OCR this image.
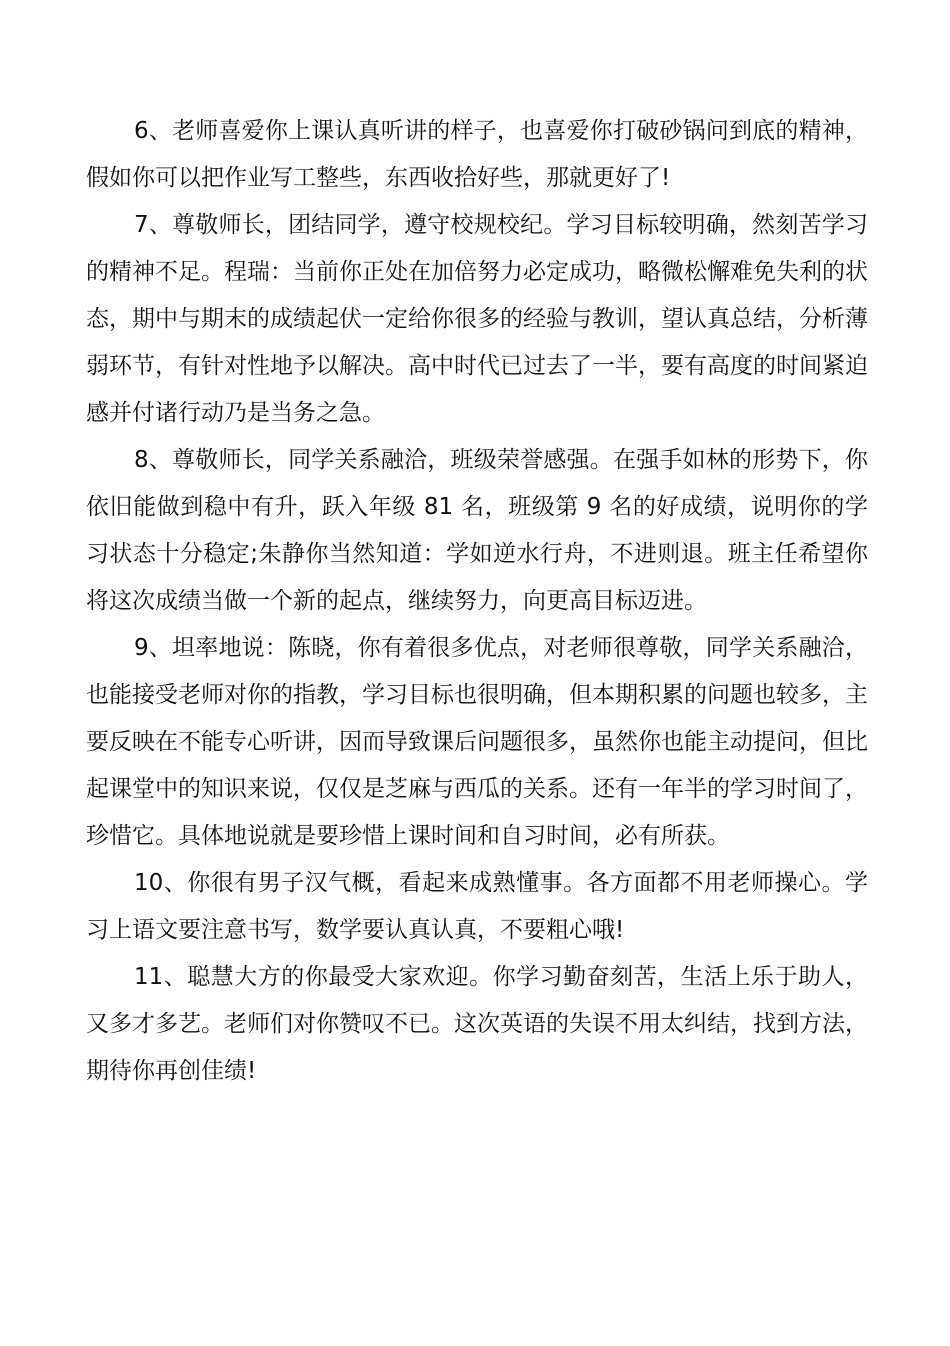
6、老师喜爱你上课认真听讲的样子，也喜爱你打破砂锅问到底的精神，假如你可以把作业写工整些，东西收拾好些，那就更好了!

7、尊敬师长，团结同学，遵守校规校纪。学习目标较明确，然刻苦学习的精神不足。程瑞：当前你正处在加倍努力必定成功，略微松懈难免失利的状态，期中与期末的成绩起伏一定给你很多的经验与教训，望认真总结，分析薄弱环节，有针对性地予以解决。高中时代已过去了一半，要有高度的时间紧迫感并付诸行动乃是当务之急。

8、尊敬师长，同学关系融洽，班级荣誉感强。在强手如林的形势下，你依旧能做到稳中有升，跃入年级 81 名，班级第 9 名的好成绩，说明你的学习状态十分稳定;朱静你当然知道：学如逆水行舟，不进则退。班主任希望你将这次成绩当做一个新的起点，继续努力，向更高目标迈进。

9、坦率地说：陈晓，你有着很多优点，对老师很尊敬，同学关系融洽，也能接受老师对你的指教，学习目标也很明确，但本期积累的问题也较多，主要反映在不能专心听讲，因而导致课后问题很多，虽然你也能主动提问，但比起课堂中的知识来说，仅仅是芝麻与西瓜的关系。还有一年半的学习时间了，珍惜它。具体地说就是要珍惜上课时间和自习时间，必有所获。

10、你很有男子汉气概，看起来成熟懂事。各方面都不用老师操心。学习上语文要注意书写，数学要认真认真，不要粗心哦!

11、聪慧大方的你最受大家欢迎。你学习勤奋刻苦，生活上乐于助人，又多才多艺。老师们对你赞叹不已。这次英语的失误不用太纠结，找到方法，期待你再创佳绩!
